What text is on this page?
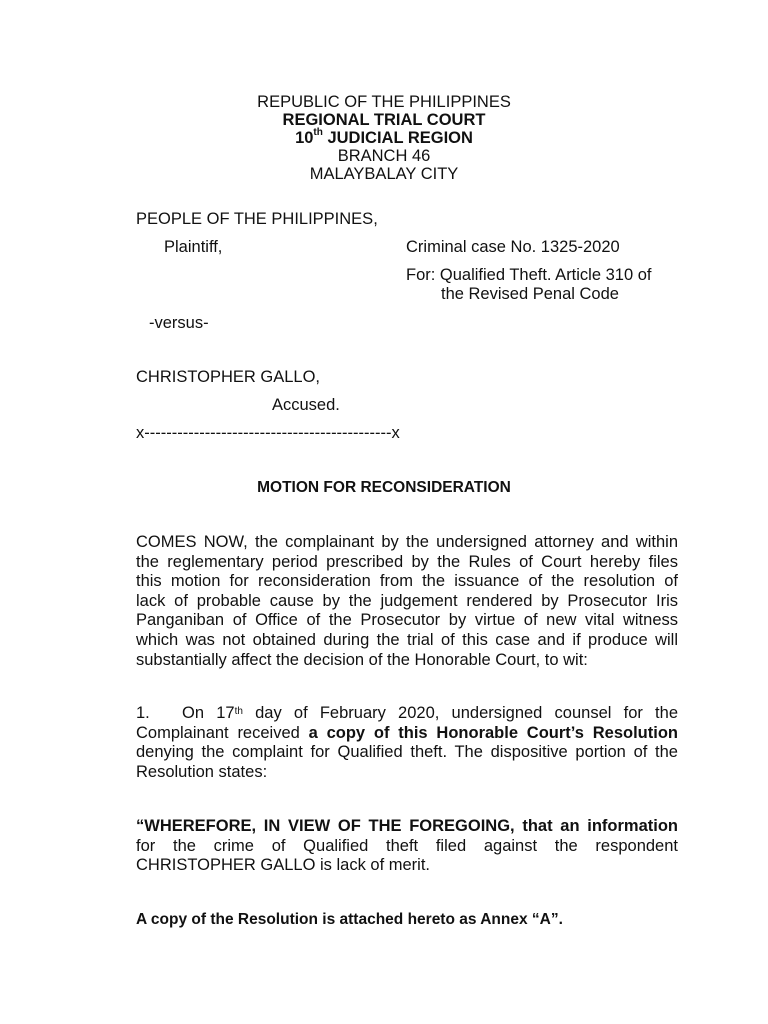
REPUBLIC OF THE PHILIPPINES
REGIONAL TRIAL COURT
10th JUDICIAL REGION
BRANCH 46
MALAYBALAY CITY
PEOPLE OF THE PHILIPPINES,
Plaintiff,	Criminal case No. 1325-2020
For: Qualified Theft. Article 310 of
the Revised Penal Code
-versus-
CHRISTOPHER GALLO,
Accused.
x---------------------------------------------x
MOTION FOR RECONSIDERATION
COMES NOW, the complainant by the undersigned attorney and within
the reglementary period prescribed by the Rules of Court hereby files
this motion for reconsideration from the issuance of the resolution of
lack of probable cause by the judgement rendered by Prosecutor Iris
Panganiban of Office of the Prosecutor by virtue of new vital witness
which was not obtained during the trial of this case and if produce will
substantially affect the decision of the Honorable Court, to wit:
1. On 17th day of February 2020, undersigned counsel for the
Complainant received a copy of this Honorable Court’s Resolution
denying the complaint for Qualified theft. The dispositive portion of the
Resolution states:
“WHEREFORE, IN VIEW OF THE FOREGOING, that an information
for the crime of Qualified theft filed against the respondent
CHRISTOPHER GALLO is lack of merit.
A copy of the Resolution is attached hereto as Annex “A”.
